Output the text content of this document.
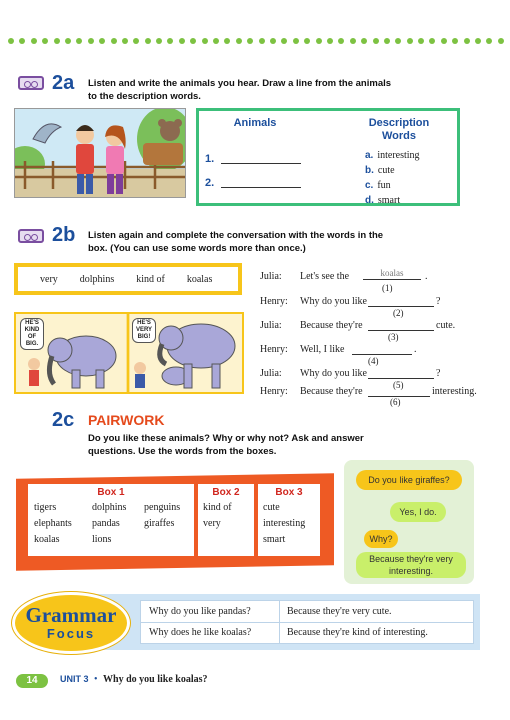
2a Listen and write the animals you hear. Draw a line from the animals
to the description words.
Animals	Description
Words
1.
2.
a. interesting
b. cute
c. fun
d. smart
2b Listen again and complete the conversation with the words in the
box. (You can use some words more than once.)
very dolphins kind of koalas
HE'S KIND OF BIG.
HE'S VERY BIG!
Julia: Let's see the	koalas	.
(1)
Henry: Why do you like	?
(2)
Julia: Because they're	cute.
(3)
Henry: Well, I like	.
(4)
Julia: Why do you like	?
(5)
Henry: Because they're	interesting.
(6)
2c PAIRWORK
Do you like these animals? Why or why not? Ask and answer
questions. Use the words from the boxes.
Box 1
tigers	dolphins penguins
elephants pandas giraffes
koalas	lions
Box 2
kind of
very
Box 3
cute
interesting
smart
Do you like giraffes?
Yes, I do.
Why?
Because they're very interesting.
Why do you like pandas?	Because they're very cute.
Why does he like koalas?	Because they're kind of interesting.
Grammar
Focus
14	UNIT 3 • Why do you like koalas?
